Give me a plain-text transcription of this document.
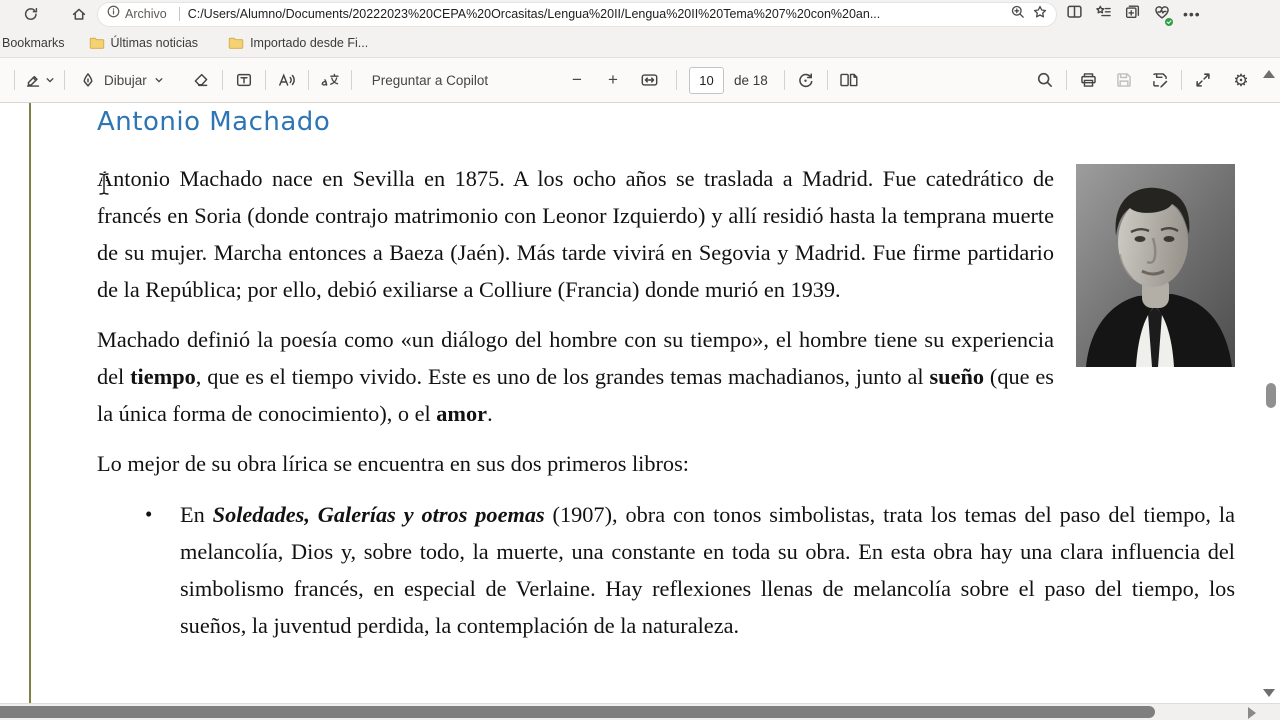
Archivo C:/Users/Alumno/Documents/20222023%20CEPA%20Orcasitas/Lengua%20II/Lengua%20II%20Tema%207%20con%20an...	•••
Bookmarks	Últimas noticias	Importado desde Fi...
Dibujar	Preguntar a Copilot	−	+	10	de 18	⚙
Antonio Machado

Antonio Machado nace en Sevilla en 1875. A los ocho años se traslada a Madrid. Fue catedrático de francés en Soria (donde contrajo matrimonio con Leonor Izquierdo) y allí residió hasta la temprana muerte de su mujer. Marcha entonces a Baeza (Jaén). Más tarde vivirá en Segovia y Madrid. Fue firme partidario de la República; por ello, debió exiliarse a Colliure (Francia) donde murió en 1939.

Machado definió la poesía como «un diálogo del hombre con su tiempo», el hombre tiene su experiencia del tiempo, que es el tiempo vivido. Este es uno de los grandes temas machadianos, junto al sueño (que es la única forma de conocimiento), o el amor.

Lo mejor de su obra lírica se encuentra en sus dos primeros libros:

•	En Soledades, Galerías y otros poemas (1907), obra con tonos simbolistas, trata los temas del paso del tiempo, la melancolía, Dios y, sobre todo, la muerte, una constante en toda su obra. En esta obra hay una clara influencia del simbolismo francés, en especial de Verlaine. Hay reflexiones llenas de melancolía sobre el paso del tiempo, los sueños, la juventud perdida, la contemplación de la naturaleza.
